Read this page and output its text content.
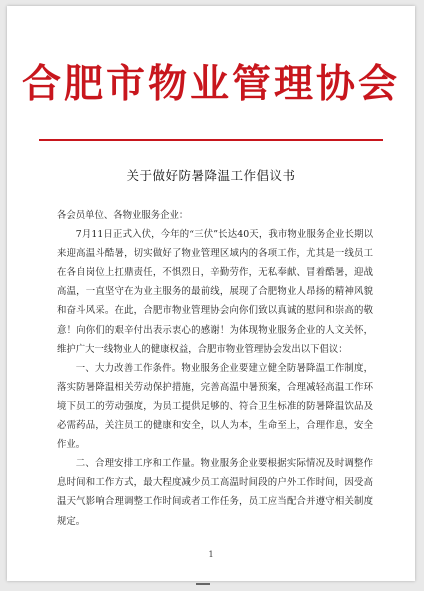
合肥市物业管理协会
关于做好防暑降温工作倡议书

各会员单位、各物业服务企业：

7月11日正式入伏，今年的“三伏”长达40天，我市物业服务企业长期以来迎高温斗酷暑，切实做好了物业管理区域内的各项工作，尤其是一线员工在各自岗位上扛鼎责任，不惧烈日，辛勤劳作，无私奉献、冒着酷暑，迎战高温，一直坚守在为业主服务的最前线，展现了合肥物业人昂扬的精神风貌和奋斗风采。在此，合肥市物业管理协会向你们致以真诚的慰问和崇高的敬意！向你们的艰辛付出表示衷心的感谢！为体现物业服务企业的人文关怀，维护广大一线物业人的健康权益，合肥市物业管理协会发出以下倡议：

一、大力改善工作条件。物业服务企业要建立健全防暑降温工作制度，落实防暑降温相关劳动保护措施，完善高温中暑预案，合理减轻高温工作环境下员工的劳动强度，为员工提供足够的、符合卫生标准的防暑降温饮品及必需药品，关注员工的健康和安全，以人为本，生命至上，合理作息，安全作业。

二、合理安排工序和工作量。物业服务企业要根据实际情况及时调整作息时间和工作方式，最大程度减少员工高温时间段的户外工作时间，因受高温天气影响合理调整工作时间或者工作任务，员工应当配合并遵守相关制度规定。

1
